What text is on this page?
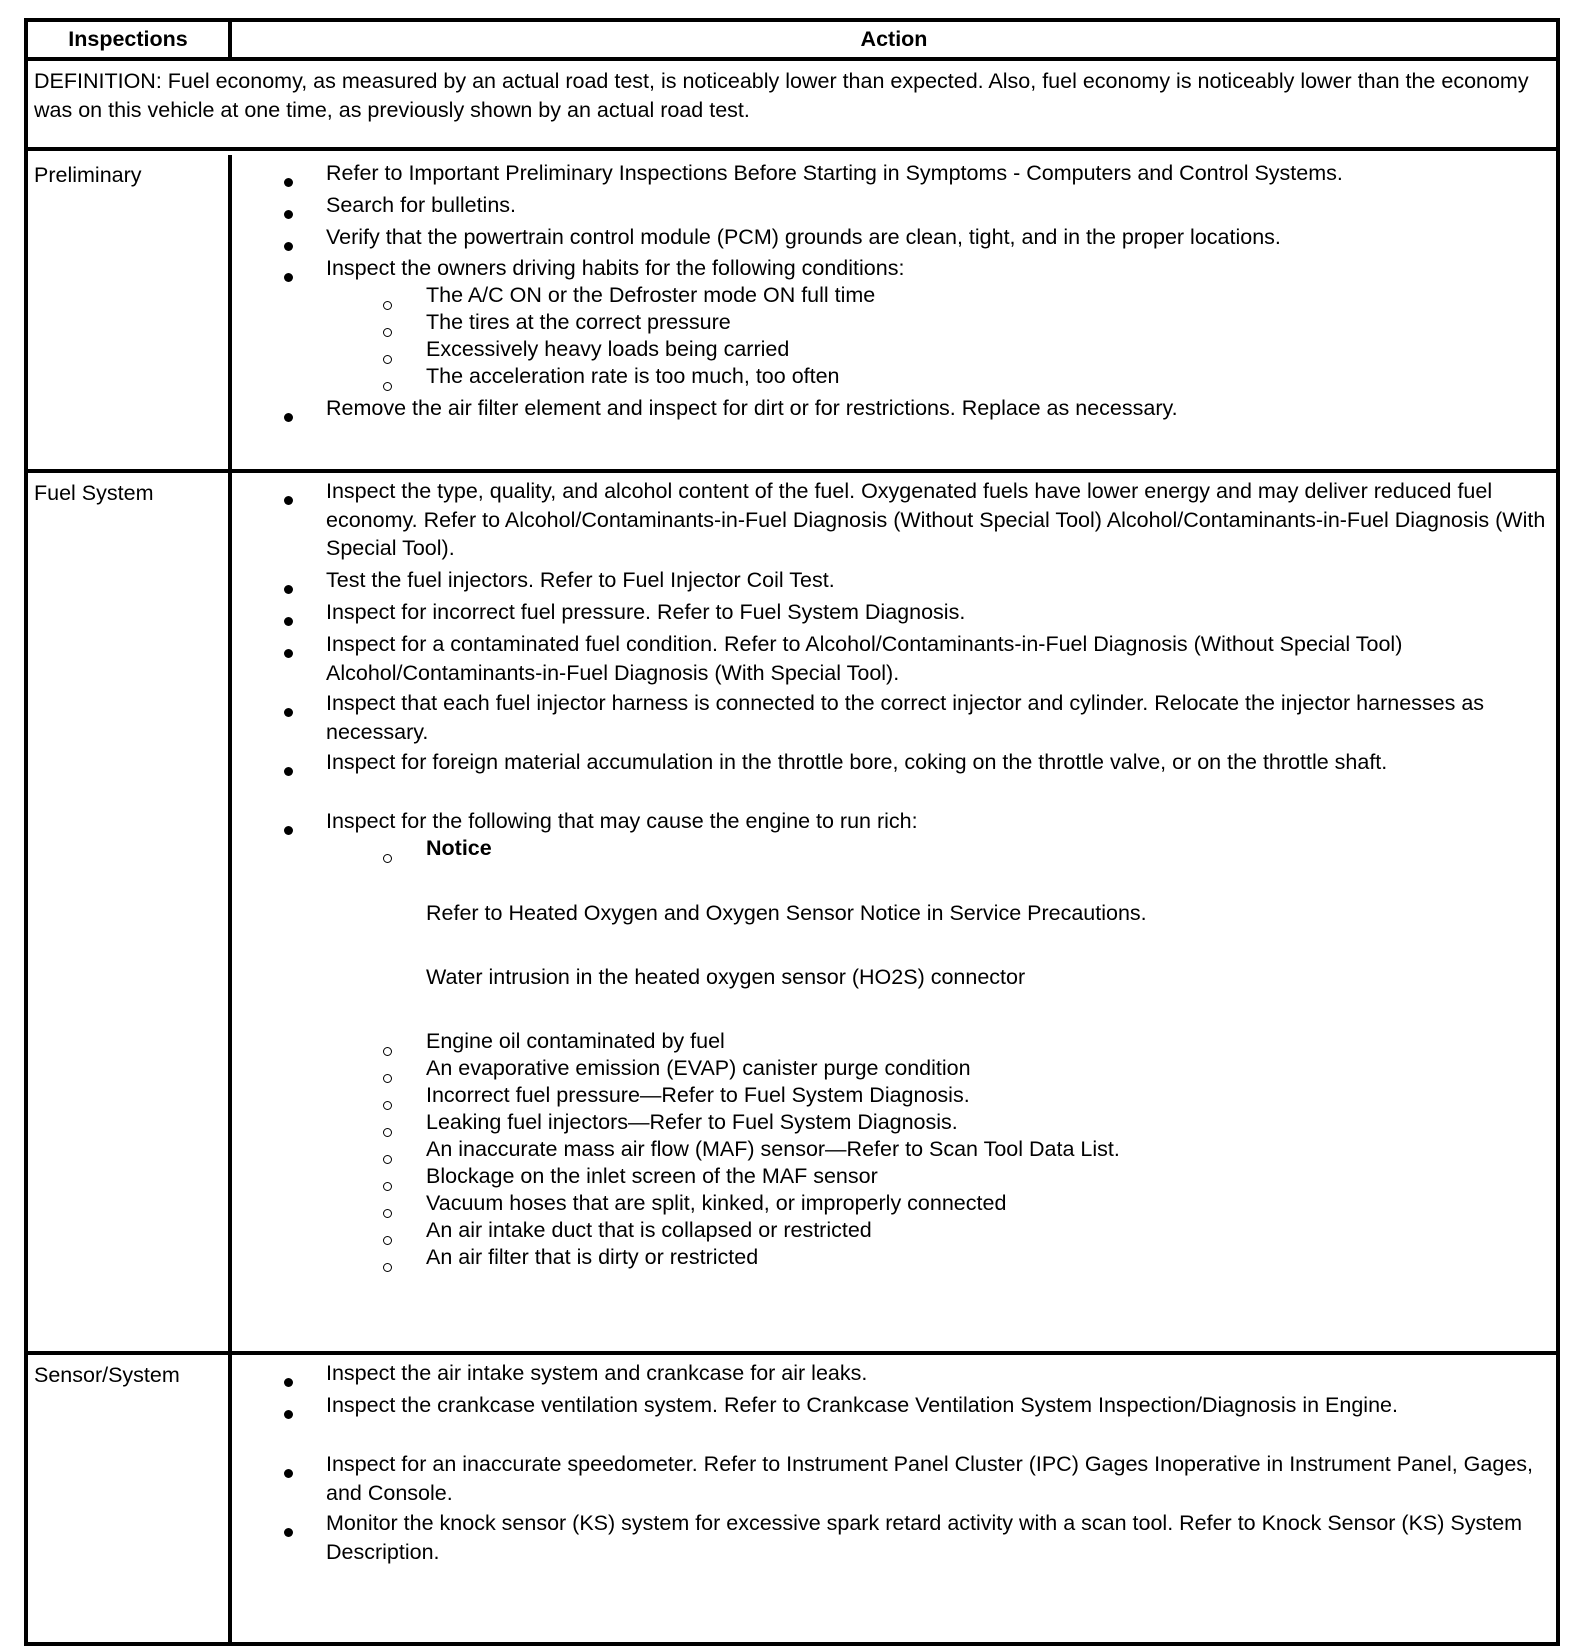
Inspections	Action
DEFINITION: Fuel economy, as measured by an actual road test, is noticeably lower than expected. Also, fuel economy is noticeably lower than the economy was on this vehicle at one time, as previously shown by an actual road test.
Preliminary	Refer to Important Preliminary Inspections Before Starting in Symptoms - Computers and Control Systems.
Search for bulletins.
Verify that the powertrain control module (PCM) grounds are clean, tight, and in the proper locations.
Inspect the owners driving habits for the following conditions:
The A/C ON or the Defroster mode ON full time
The tires at the correct pressure
Excessively heavy loads being carried
The acceleration rate is too much, too often
Remove the air filter element and inspect for dirt or for restrictions. Replace as necessary.
Fuel System	Inspect the type, quality, and alcohol content of the fuel. Oxygenated fuels have lower energy and may deliver reduced fuel economy. Refer to Alcohol/Contaminants-in-Fuel Diagnosis (Without Special Tool) Alcohol/Contaminants-in-Fuel Diagnosis (With Special Tool).
Test the fuel injectors. Refer to Fuel Injector Coil Test.
Inspect for incorrect fuel pressure. Refer to Fuel System Diagnosis.
Inspect for a contaminated fuel condition. Refer to Alcohol/Contaminants-in-Fuel Diagnosis (Without Special Tool) Alcohol/Contaminants-in-Fuel Diagnosis (With Special Tool).
Inspect that each fuel injector harness is connected to the correct injector and cylinder. Relocate the injector harnesses as necessary.
Inspect for foreign material accumulation in the throttle bore, coking on the throttle valve, or on the throttle shaft.
Inspect for the following that may cause the engine to run rich:
Notice
Refer to Heated Oxygen and Oxygen Sensor Notice in Service Precautions.
Water intrusion in the heated oxygen sensor (HO2S) connector
Engine oil contaminated by fuel
An evaporative emission (EVAP) canister purge condition
Incorrect fuel pressure—Refer to Fuel System Diagnosis.
Leaking fuel injectors—Refer to Fuel System Diagnosis.
An inaccurate mass air flow (MAF) sensor—Refer to Scan Tool Data List.
Blockage on the inlet screen of the MAF sensor
Vacuum hoses that are split, kinked, or improperly connected
An air intake duct that is collapsed or restricted
An air filter that is dirty or restricted
Sensor/System	Inspect the air intake system and crankcase for air leaks.
Inspect the crankcase ventilation system. Refer to Crankcase Ventilation System Inspection/Diagnosis in Engine.
Inspect for an inaccurate speedometer. Refer to Instrument Panel Cluster (IPC) Gages Inoperative in Instrument Panel, Gages, and Console.
Monitor the knock sensor (KS) system for excessive spark retard activity with a scan tool. Refer to Knock Sensor (KS) System Description.
